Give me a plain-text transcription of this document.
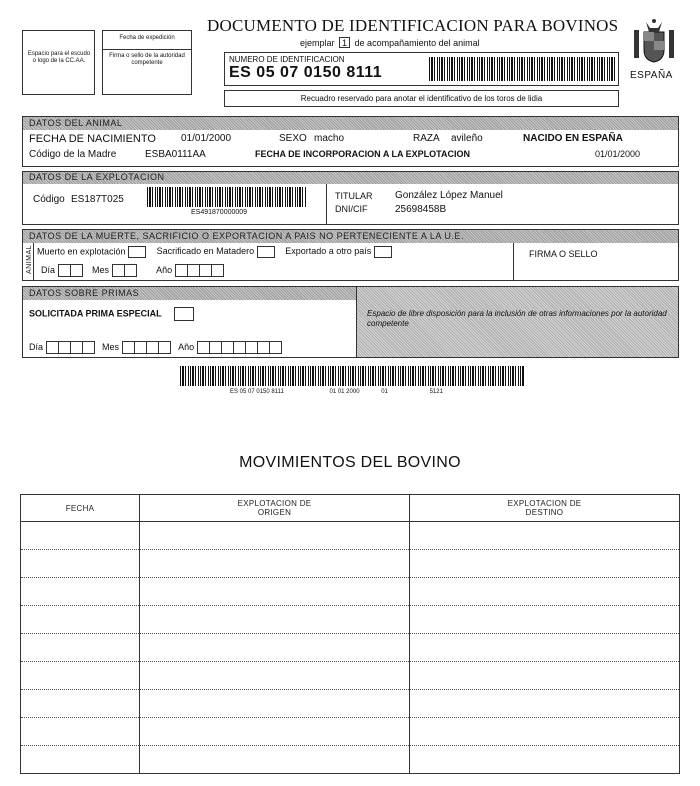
Espacio para el escudo o logo de la CC.AA.
Fecha de expedición
Firma o sello de la autoridad competente
DOCUMENTO DE IDENTIFICACION PARA BOVINOS
ejemplar 1 de acompañamiento del animal
NUMERO DE IDENTIFICACION
ES 05 07 0150 8111
Recuadro reservado para anotar el identificativo de los toros de lidia
ESPAÑA
DATOS DEL ANIMAL
FECHA DE NACIMIENTO	01/01/2000	SEXO macho	RAZA avileño	NACIDO EN ESPAÑA
Código de la Madre	ESBA0111AA	FECHA DE INCORPORACION A LA EXPLOTACION	01/01/2000
DATOS DE LA EXPLOTACION
Código ES187T025
ES491870000009
TITULAR González López Manuel
DNI/CIF	25698458B
DATOS DE LA MUERTE, SACRIFICIO O EXPORTACION A PAIS NO PERTENECIENTE A LA U.E.
ANIMAL Muerto en explotación	Sacrificado en Matadero	Exportado a otro país
Día	Mes	Año
FIRMA O SELLO
DATOS SOBRE PRIMAS
SOLICITADA PRIMA ESPECIAL
Día	Mes	Año
Espacio de libre disposición para la inclusión de otras informaciones por la autoridad competente
ES 05 07 0150 8111	01 01 2000	01	5121
MOVIMIENTOS DEL BOVINO
FECHA	EXPLOTACION DE ORIGEN	EXPLOTACION DE DESTINO
